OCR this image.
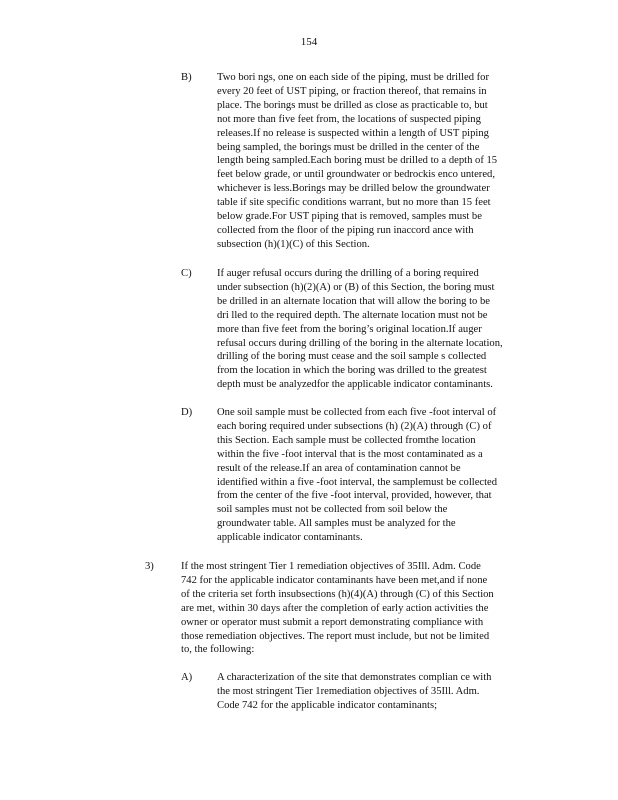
154
B) Two bori ngs, one on each side of the piping, must be drilled for
every 20 feet of UST piping, or fraction thereof, that remains in
place. The borings must be drilled as close as practicable to, but
not more than five feet from, the locations of suspected piping
releases.If no release is suspected within a length of UST piping
being sampled, the borings must be drilled in the center of the
length being sampled.Each boring must be drilled to a depth of 15
feet below grade, or until groundwater or bedrockis enco untered,
whichever is less.Borings may be drilled below the groundwater
table if site specific conditions warrant, but no more than 15 feet
below grade.For UST piping that is removed, samples must be
collected from the floor of the piping run inaccord ance with
subsection (h)(1)(C) of this Section.
C) If auger refusal occurs during the drilling of a boring required
under subsection (h)(2)(A) or (B) of this Section, the boring must
be drilled in an alternate location that will allow the boring to be
dri lled to the required depth. The alternate location must not be
more than five feet from the boring’s original location.If auger
refusal occurs during drilling of the boring in the alternate location,
drilling of the boring must cease and the soil sample s collected
from the location in which the boring was drilled to the greatest
depth must be analyzedfor the applicable indicator contaminants.
D) One soil sample must be collected from each five -foot interval of
each boring required under subsections (h) (2)(A) through (C) of
this Section. Each sample must be collected fromthe location
within the five -foot interval that is the most contaminated as a
result of the release.If an area of contamination cannot be
identified within a five -foot interval, the samplemust be collected
from the center of the five -foot interval, provided, however, that
soil samples must not be collected from soil below the
groundwater table. All samples must be analyzed for the
applicable indicator contaminants.
3)	If the most stringent Tier 1 remediation objectives of 35Ill. Adm. Code
742 for the applicable indicator contaminants have been met,and if none
of the criteria set forth insubsections (h)(4)(A) through (C) of this Section
are met, within 30 days after the completion of early action activities the
owner or operator must submit a report demonstrating compliance with
those remediation objectives. The report must include, but not be limited
to, the following:
A) A characterization of the site that demonstrates complian ce with
the most stringent Tier 1remediation objectives of 35Ill. Adm.
Code 742 for the applicable indicator contaminants;
